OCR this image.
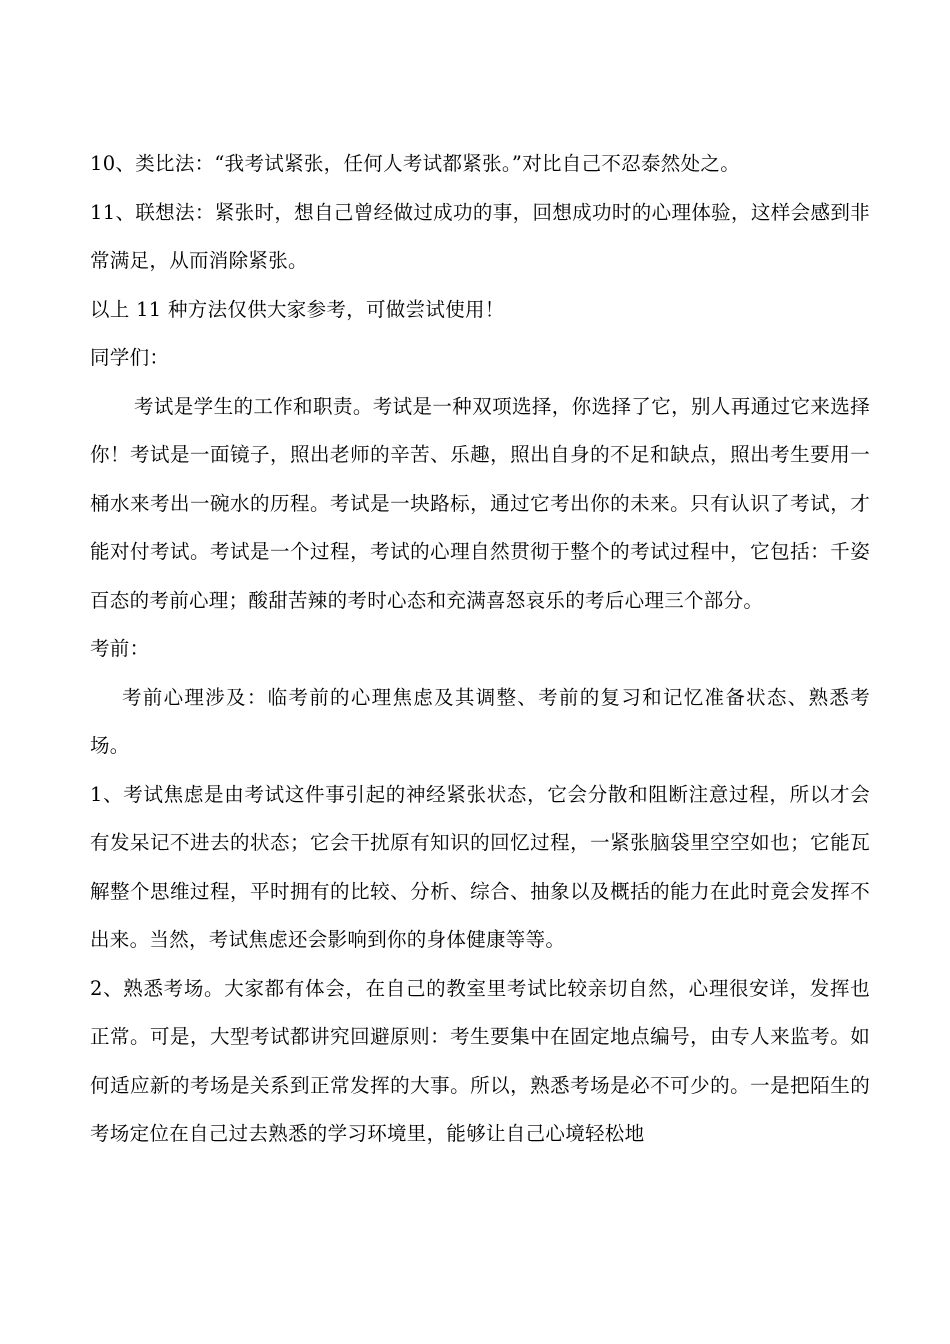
10、类比法：“我考试紧张，任何人考试都紧张。”对比自己不忍泰然处之。

11、联想法：紧张时，想自己曾经做过成功的事，回想成功时的心理体验，这样会感到非常满足，从而消除紧张。

以上 11 种方法仅供大家参考，可做尝试使用！

同学们：

考试是学生的工作和职责。考试是一种双项选择，你选择了它，别人再通过它来选择你！考试是一面镜子，照出老师的辛苦、乐趣，照出自身的不足和缺点，照出考生要用一桶水来考出一碗水的历程。考试是一块路标，通过它考出你的未来。只有认识了考试，才能对付考试。考试是一个过程，考试的心理自然贯彻于整个的考试过程中，它包括：千姿百态的考前心理；酸甜苦辣的考时心态和充满喜怒哀乐的考后心理三个部分。

考前：

考前心理涉及：临考前的心理焦虑及其调整、考前的复习和记忆准备状态、熟悉考场。

1、考试焦虑是由考试这件事引起的神经紧张状态，它会分散和阻断注意过程，所以才会有发呆记不进去的状态；它会干扰原有知识的回忆过程，一紧张脑袋里空空如也；它能瓦解整个思维过程，平时拥有的比较、分析、综合、抽象以及概括的能力在此时竟会发挥不出来。当然，考试焦虑还会影响到你的身体健康等等。

2、熟悉考场。大家都有体会，在自己的教室里考试比较亲切自然，心理很安详，发挥也正常。可是，大型考试都讲究回避原则：考生要集中在固定地点编号，由专人来监考。如何适应新的考场是关系到正常发挥的大事。所以，熟悉考场是必不可少的。一是把陌生的考场定位在自己过去熟悉的学习环境里，能够让自己心境轻松地
